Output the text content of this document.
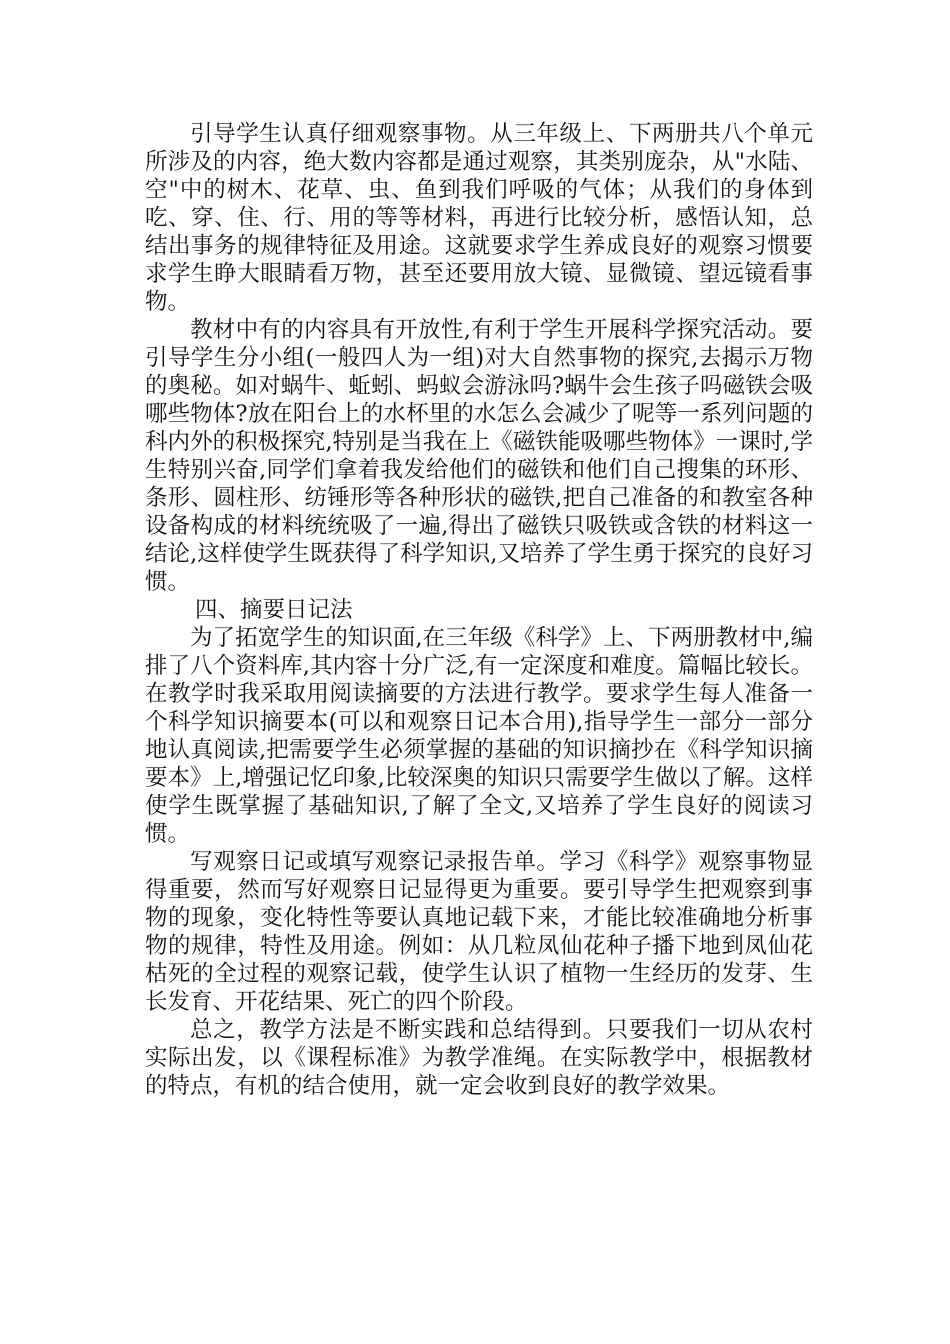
引导学生认真仔细观察事物。从三年级上、下两册共八个单元所涉及的内容，绝大数内容都是通过观察，其类别庞杂，从"水陆、空"中的树木、花草、虫、鱼到我们呼吸的气体；从我们的身体到吃、穿、住、行、用的等等材料，再进行比较分析，感悟认知，总结出事务的规律特征及用途。这就要求学生养成良好的观察习惯要求学生睁大眼睛看万物，甚至还要用放大镜、显微镜、望远镜看事物。

教材中有的内容具有开放性,有利于学生开展科学探究活动。要引导学生分小组(一般四人为一组)对大自然事物的探究,去揭示万物的奥秘。如对蜗牛、蚯蚓、蚂蚁会游泳吗?蜗牛会生孩子吗磁铁会吸哪些物体?放在阳台上的水杯里的水怎么会减少了呢等一系列问题的科内外的积极探究,特别是当我在上《磁铁能吸哪些物体》一课时,学生特别兴奋,同学们拿着我发给他们的磁铁和他们自己搜集的环形、条形、圆柱形、纺锤形等各种形状的磁铁,把自己准备的和教室各种设备构成的材料统统吸了一遍,得出了磁铁只吸铁或含铁的材料这一结论,这样使学生既获得了科学知识,又培养了学生勇于探究的良好习惯。

四、摘要日记法

为了拓宽学生的知识面,在三年级《科学》上、下两册教材中,编排了八个资料库,其内容十分广泛,有一定深度和难度。篇幅比较长。在教学时我采取用阅读摘要的方法进行教学。要求学生每人准备一个科学知识摘要本(可以和观察日记本合用),指导学生一部分一部分地认真阅读,把需要学生必须掌握的基础的知识摘抄在《科学知识摘要本》上,增强记忆印象,比较深奥的知识只需要学生做以了解。这样使学生既掌握了基础知识,了解了全文,又培养了学生良好的阅读习惯。

写观察日记或填写观察记录报告单。学习《科学》观察事物显得重要，然而写好观察日记显得更为重要。要引导学生把观察到事物的现象，变化特性等要认真地记载下来，才能比较准确地分析事物的规律，特性及用途。例如：从几粒凤仙花种子播下地到凤仙花枯死的全过程的观察记载，使学生认识了植物一生经历的发芽、生长发育、开花结果、死亡的四个阶段。

总之，教学方法是不断实践和总结得到。只要我们一切从农村实际出发，以《课程标准》为教学准绳。在实际教学中，根据教材的特点，有机的结合使用，就一定会收到良好的教学效果。
